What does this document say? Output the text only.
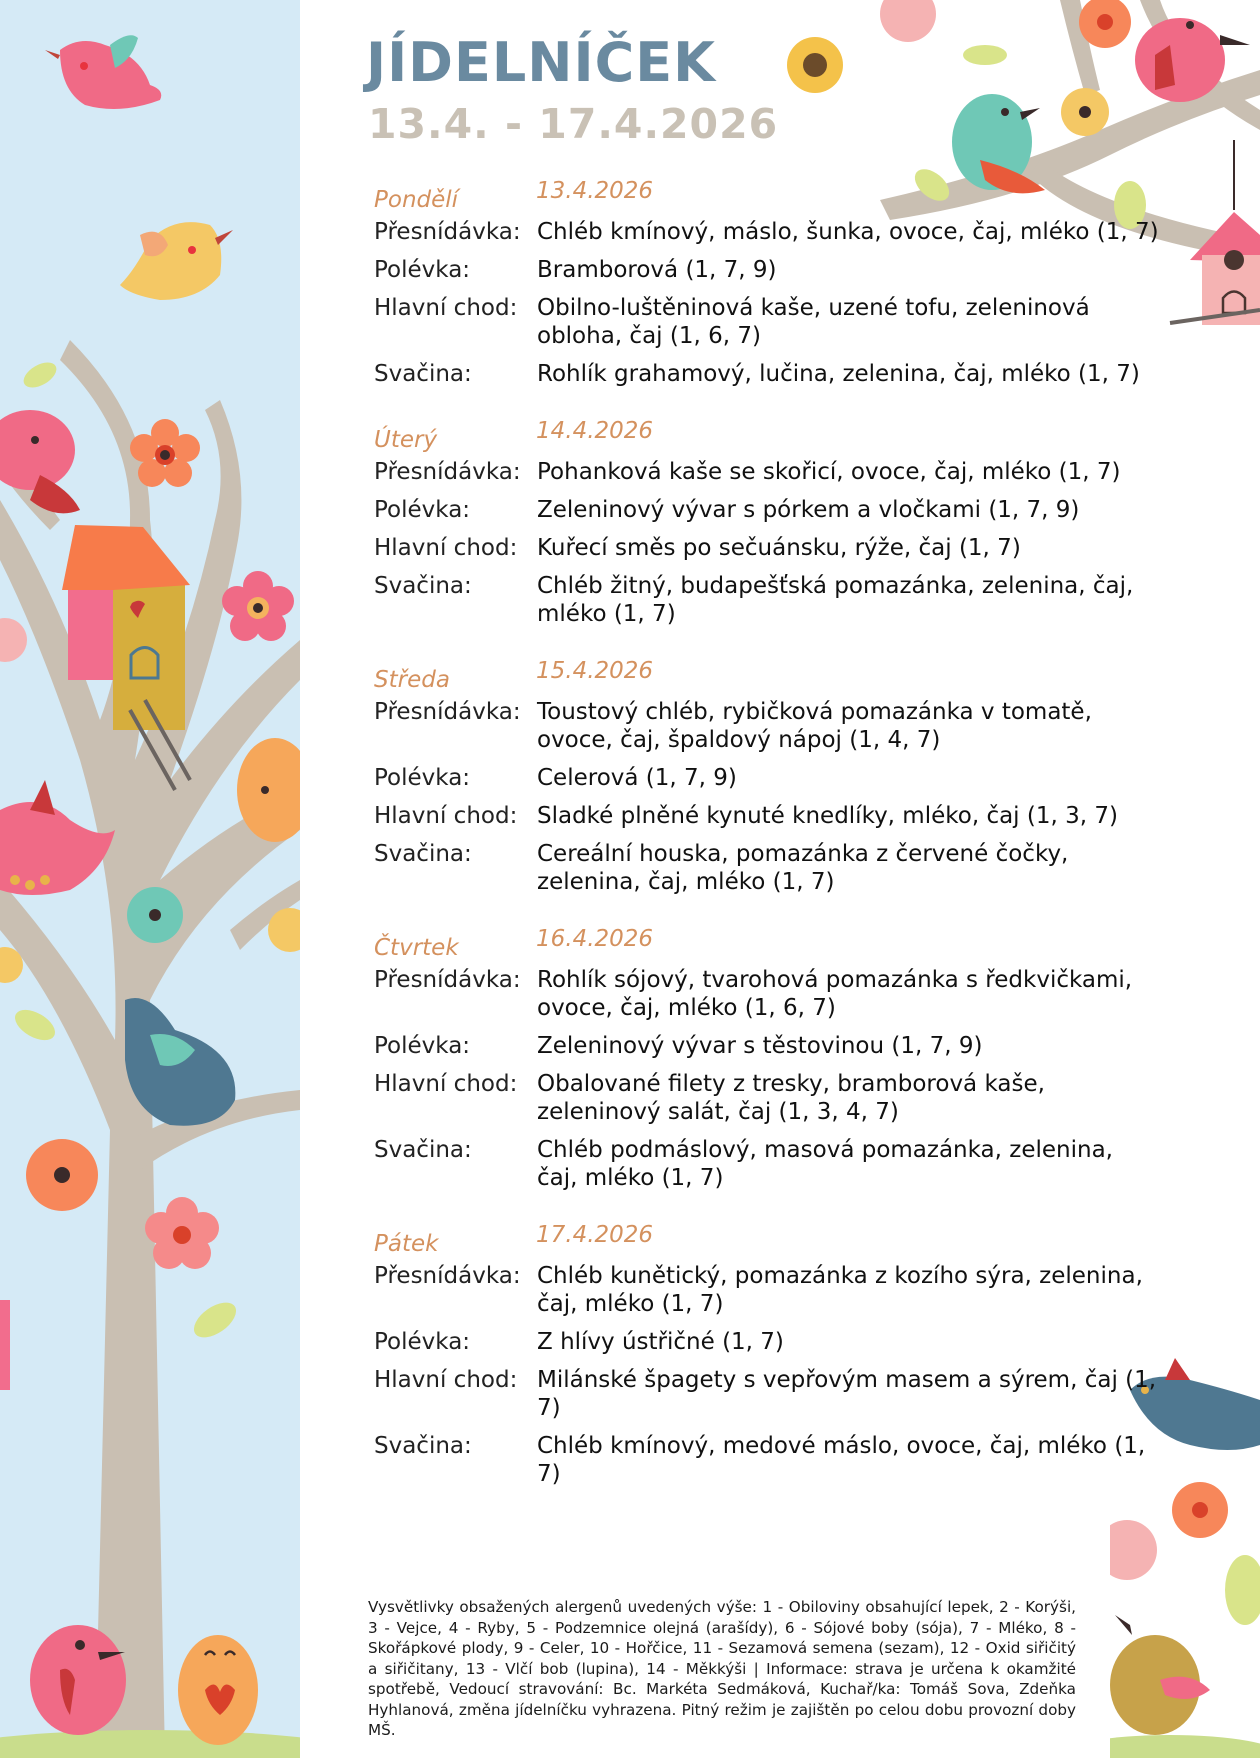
JÍDELNÍČEK
13.4. - 17.4.2026
Pondělí	13.4.2026
Přesnídávka: Chléb kmínový, máslo, šunka, ovoce, čaj, mléko (1, 7)
Polévka:	Bramborová (1, 7, 9)
Hlavní chod: Obilno-luštěninová kaše, uzené tofu, zeleninová obloha, čaj (1, 6, 7)
Svačina:	Rohlík grahamový, lučina, zelenina, čaj, mléko (1, 7)
Úterý	14.4.2026
Přesnídávka: Pohanková kaše se skořicí, ovoce, čaj, mléko (1, 7)
Polévka:	Zeleninový vývar s pórkem a vločkami (1, 7, 9)
Hlavní chod: Kuřecí směs po sečuánsku, rýže, čaj (1, 7)
Svačina:	Chléb žitný, budapešťská pomazánka, zelenina, čaj, mléko (1, 7)
Středa	15.4.2026
Přesnídávka: Toustový chléb, rybičková pomazánka v tomatě, ovoce, čaj, špaldový nápoj (1, 4, 7)
Polévka:	Celerová (1, 7, 9)
Hlavní chod: Sladké plněné kynuté knedlíky, mléko, čaj (1, 3, 7)
Svačina:	Cereální houska, pomazánka z červené čočky, zelenina, čaj, mléko (1, 7)
Čtvrtek	16.4.2026
Přesnídávka: Rohlík sójový, tvarohová pomazánka s ředkvičkami, ovoce, čaj, mléko (1, 6, 7)
Polévka:	Zeleninový vývar s těstovinou (1, 7, 9)
Hlavní chod: Obalované filety z tresky, bramborová kaše, zeleninový salát, čaj (1, 3, 4, 7)
Svačina:	Chléb podmáslový, masová pomazánka, zelenina, čaj, mléko (1, 7)
Pátek	17.4.2026
Přesnídávka: Chléb kunětický, pomazánka z kozího sýra, zelenina, čaj, mléko (1, 7)
Polévka:	Z hlívy ústřičné (1, 7)
Hlavní chod: Milánské špagety s vepřovým masem a sýrem, čaj (1, 7)
Svačina:	Chléb kmínový, medové máslo, ovoce, čaj, mléko (1, 7)
Vysvětlivky obsažených alergenů uvedených výše: 1 - Obiloviny obsahující lepek, 2 - Korýši, 3 - Vejce, 4 - Ryby, 5 - Podzemnice olejná (arašídy), 6 - Sójové boby (sója), 7 - Mléko, 8 - Skořápkové plody, 9 - Celer, 10 - Hořčice, 11 - Sezamová semena (sezam), 12 - Oxid siřičitý a siřičitany, 13 - Vlčí bob (lupina), 14 - Měkkýši | Informace: strava je určena k okamžité spotřebě, Vedoucí stravování: Bc. Markéta Sedmáková, Kuchař/ka: Tomáš Sova, Zdeňka Hyhlanová, změna jídelníčku vyhrazena. Pitný režim je zajištěn po celou dobu provozní doby MŠ.
